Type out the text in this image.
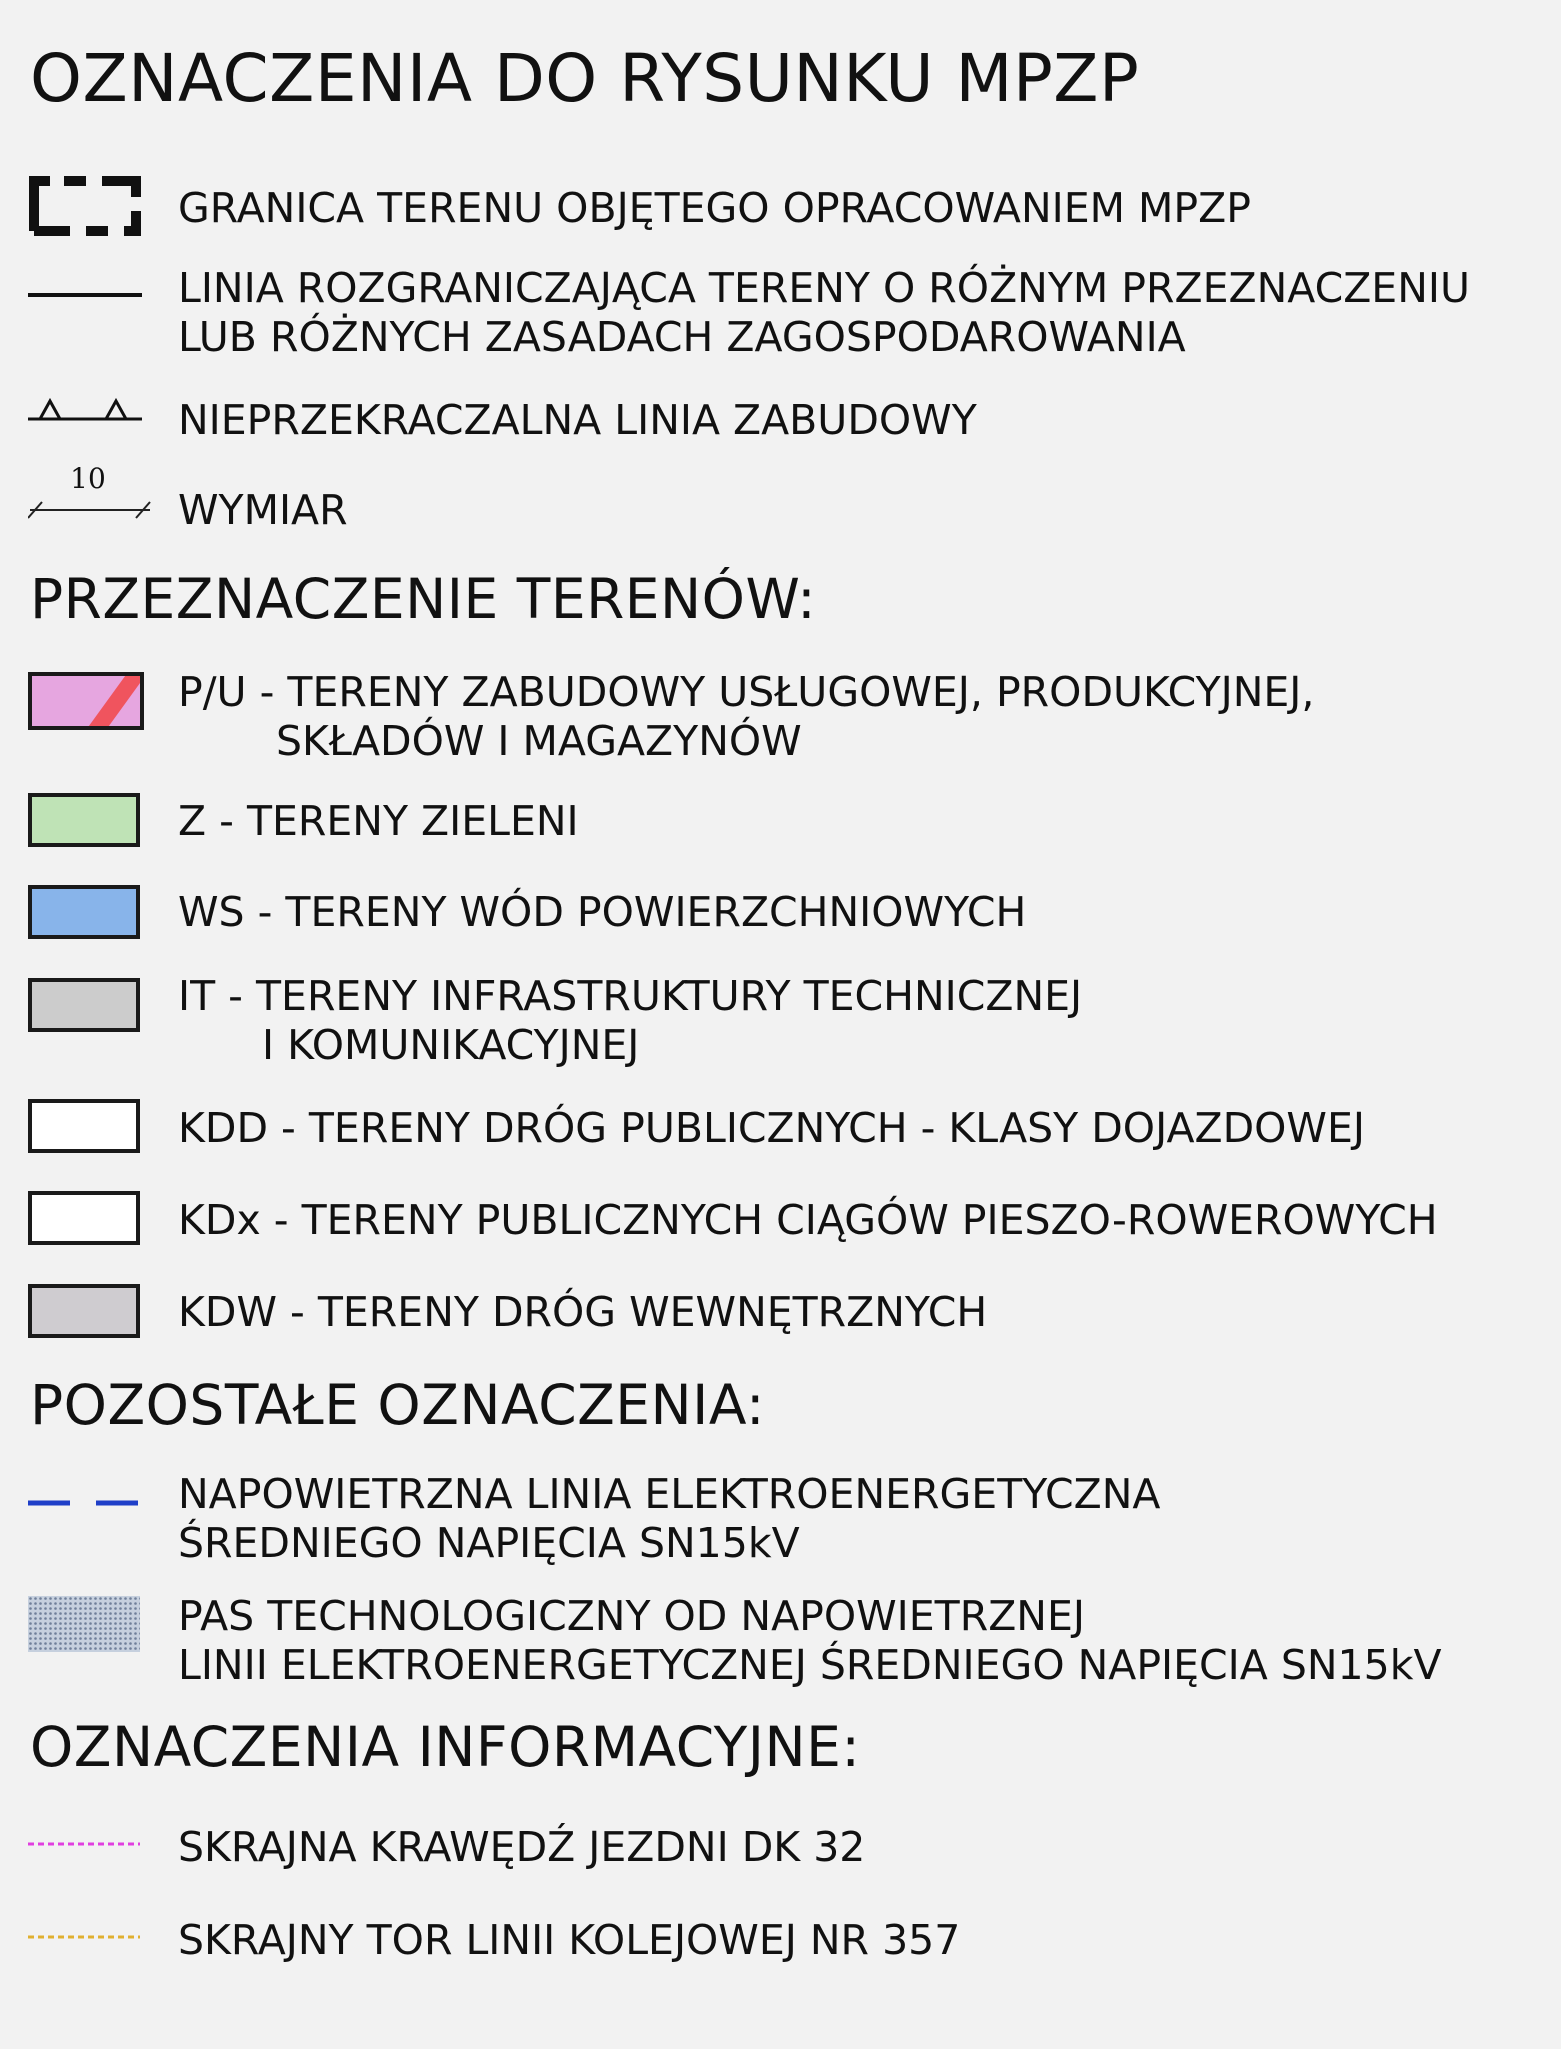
OZNACZENIA DO RYSUNKU MPZP

GRANICA TERENU OBJĘTEGO OPRACOWANIEM MPZP

LINIA ROZGRANICZAJĄCA TERENY O RÓŻNYM PRZEZNACZENIU
LUB RÓŻNYCH ZASADACH ZAGOSPODAROWANIA

NIEPRZEKRACZALNA LINIA ZABUDOWY

10

WYMIAR

PRZEZNACZENIE TERENÓW:

P/U - TERENY ZABUDOWY USŁUGOWEJ, PRODUKCYJNEJ,
SKŁADÓW I MAGAZYNÓW

Z - TERENY ZIELENI

WS - TERENY WÓD POWIERZCHNIOWYCH

IT - TERENY INFRASTRUKTURY TECHNICZNEJ
I KOMUNIKACYJNEJ

KDD - TERENY DRÓG PUBLICZNYCH - KLASY DOJAZDOWEJ

KDx - TERENY PUBLICZNYCH CIĄGÓW PIESZO-ROWEROWYCH

KDW - TERENY DRÓG WEWNĘTRZNYCH

POZOSTAŁE OZNACZENIA:

NAPOWIETRZNA LINIA ELEKTROENERGETYCZNA
ŚREDNIEGO NAPIĘCIA SN15kV

PAS TECHNOLOGICZNY OD NAPOWIETRZNEJ
LINII ELEKTROENERGETYCZNEJ ŚREDNIEGO NAPIĘCIA SN15kV

OZNACZENIA INFORMACYJNE:

SKRAJNA KRAWĘDŹ JEZDNI DK 32

SKRAJNY TOR LINII KOLEJOWEJ NR 357
